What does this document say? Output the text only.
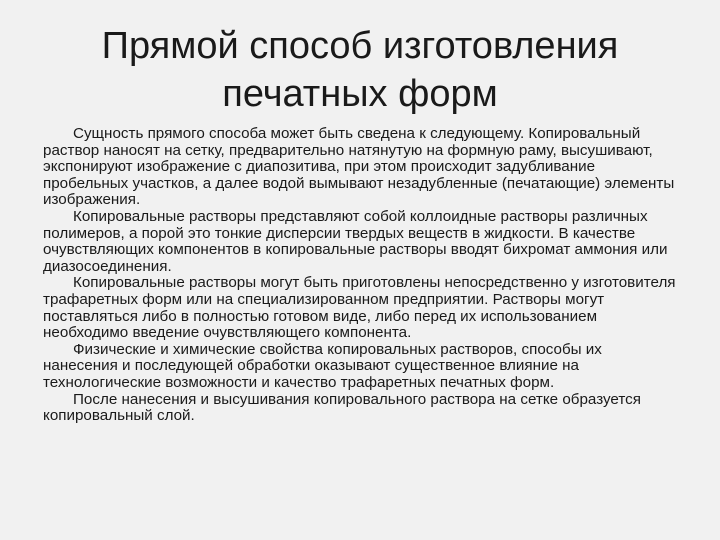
Прямой способ изготовления
печатных форм

Сущность прямого способа может быть сведена к следующему. Копировальный раствор наносят на сетку, предварительно натянутую на формную раму, высушивают, экспонируют изображение с диапозитива, при этом происходит задубливание пробельных участков, а далее водой вымывают незадубленные (печатающие) элементы изображения.

Копировальные растворы представляют собой коллоидные растворы различных полимеров, а порой это тонкие дисперсии твердых веществ в жидкости. В качестве очувствляющих компонентов в копировальные растворы вводят бихромат аммония или диазосоединения.

Копировальные растворы могут быть приготовлены непосредственно у изготовителя трафаретных форм или на специализированном предприятии. Растворы могут поставляться либо в полностью готовом виде, либо перед их использованием необходимо введение очувствляющего компонента.

Физические и химические свойства копировальных растворов, способы их нанесения и последующей обработки оказывают существенное влияние на технологические возможности и качество трафаретных печатных форм.

После нанесения и высушивания копировального раствора на сетке образуется копировальный слой.
